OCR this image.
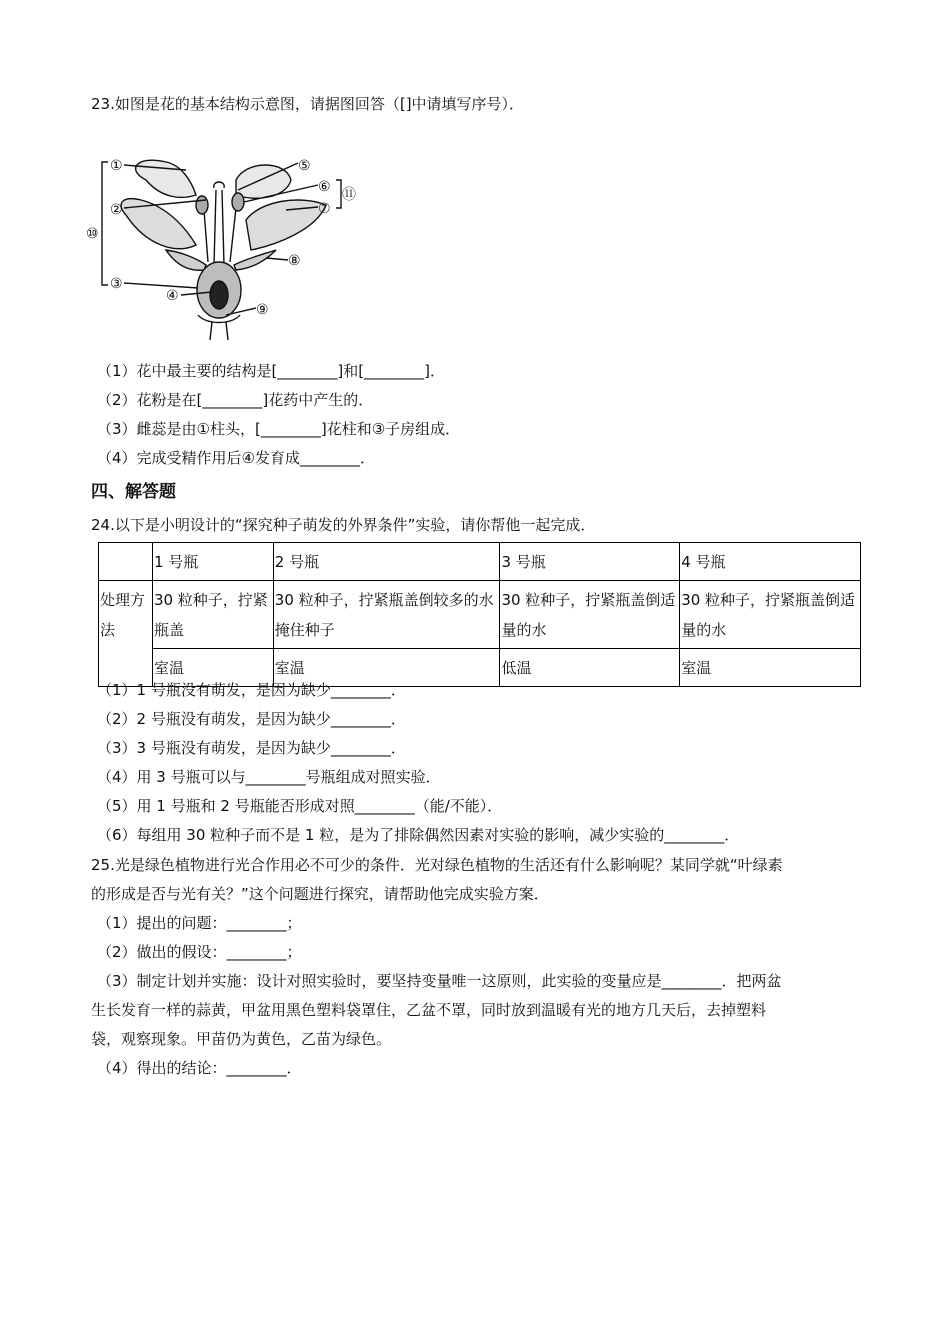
23.如图是花的基本结构示意图，请据图回答（[]中请填写序号）．
①	⑤
⑥ ⑪
②	⑦
⑩
⑧
③
④
⑨
（1）花中最主要的结构是[________]和[________]．
（2）花粉是在[________]花药中产生的．
（3）雌蕊是由①柱头，[________]花柱和③子房组成．
（4）完成受精作用后④发育成________．
四、解答题
24.以下是小明设计的“探究种子萌发的外界条件”实验，请你帮他一起完成．
	1 号瓶	2 号瓶	3 号瓶	4 号瓶
处理方法	30 粒种子，拧紧瓶盖	30 粒种子，拧紧瓶盖倒较多的水掩住种子	30 粒种子，拧紧瓶盖倒适量的水	30 粒种子，拧紧瓶盖倒适量的水
	室温	室温	低温	室温
（1）1 号瓶没有萌发，是因为缺少________．
（2）2 号瓶没有萌发，是因为缺少________．
（3）3 号瓶没有萌发，是因为缺少________．
（4）用 3 号瓶可以与________号瓶组成对照实验．
（5）用 1 号瓶和 2 号瓶能否形成对照________（能/不能）．
（6）每组用 30 粒种子而不是 1 粒，是为了排除偶然因素对实验的影响，减少实验的________．
25.光是绿色植物进行光合作用必不可少的条件．光对绿色植物的生活还有什么影响呢？某同学就“叶绿素
的形成是否与光有关？”这个问题进行探究，请帮助他完成实验方案．
（1）提出的问题：________；
（2）做出的假设：________；
（3）制定计划并实施：设计对照实验时，要坚持变量唯一这原则，此实验的变量应是________．把两盆
生长发育一样的蒜黄，甲盆用黑色塑料袋罩住，乙盆不罩，同时放到温暖有光的地方几天后，去掉塑料
袋，观察现象。甲苗仍为黄色，乙苗为绿色。
（4）得出的结论：________．
